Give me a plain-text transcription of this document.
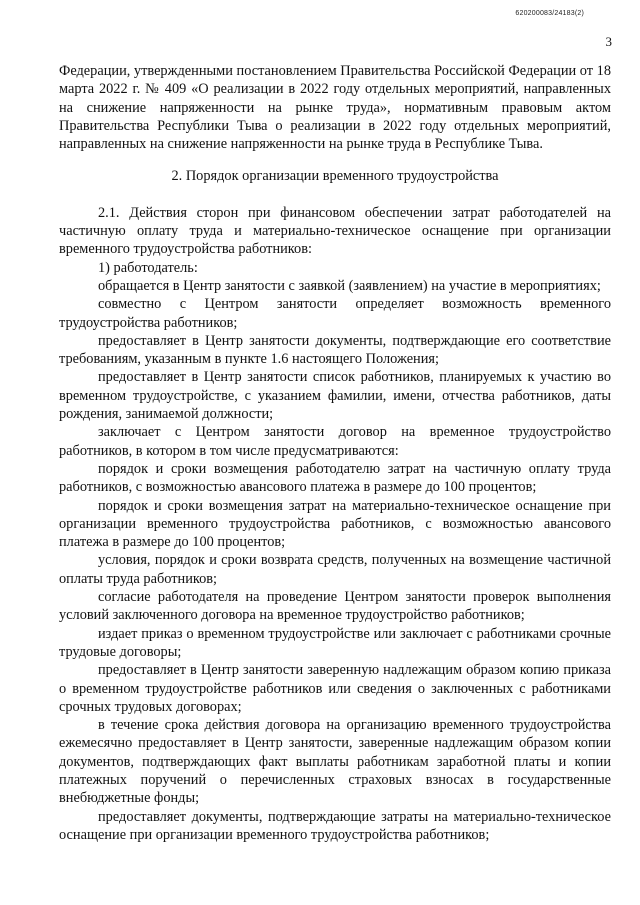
620200083/24183(2)
3

Федерации, утвержденными постановлением Правительства Российской Федерации от 18 марта 2022 г. № 409 «О реализации в 2022 году отдельных мероприятий, направленных на снижение напряженности на рынке труда», нормативным правовым актом Правительства Республики Тыва о реализации в 2022 году отдельных мероприятий, направленных на снижение напряженности на рынке труда в Республике Тыва.

2. Порядок организации временного трудоустройства

2.1. Действия сторон при финансовом обеспечении затрат работодателей на частичную оплату труда и материально-техническое оснащение при организации временного трудоустройства работников:

1) работодатель:

обращается в Центр занятости с заявкой (заявлением) на участие в мероприятиях;

совместно с Центром занятости определяет возможность временного трудоустройства работников;

предоставляет в Центр занятости документы, подтверждающие его соответствие требованиям, указанным в пункте 1.6 настоящего Положения;

предоставляет в Центр занятости список работников, планируемых к участию во временном трудоустройстве, с указанием фамилии, имени, отчества работников, даты рождения, занимаемой должности;

заключает с Центром занятости договор на временное трудоустройство работников, в котором в том числе предусматриваются:

порядок и сроки возмещения работодателю затрат на частичную оплату труда работников, с возможностью авансового платежа в размере до 100 процентов;

порядок и сроки возмещения затрат на материально-техническое оснащение при организации временного трудоустройства работников, с возможностью авансового платежа в размере до 100 процентов;

условия, порядок и сроки возврата средств, полученных на возмещение частичной оплаты труда работников;

согласие работодателя на проведение Центром занятости проверок выполнения условий заключенного договора на временное трудоустройство работников;

издает приказ о временном трудоустройстве или заключает с работниками срочные трудовые договоры;

предоставляет в Центр занятости заверенную надлежащим образом копию приказа о временном трудоустройстве работников или сведения о заключенных с работниками срочных трудовых договорах;

в течение срока действия договора на организацию временного трудоустройства ежемесячно предоставляет в Центр занятости, заверенные надлежащим образом копии документов, подтверждающих факт выплаты работникам заработной платы и копии платежных поручений о перечисленных страховых взносах в государственные внебюджетные фонды;

предоставляет документы, подтверждающие затраты на материально-техническое оснащение при организации временного трудоустройства работников;
